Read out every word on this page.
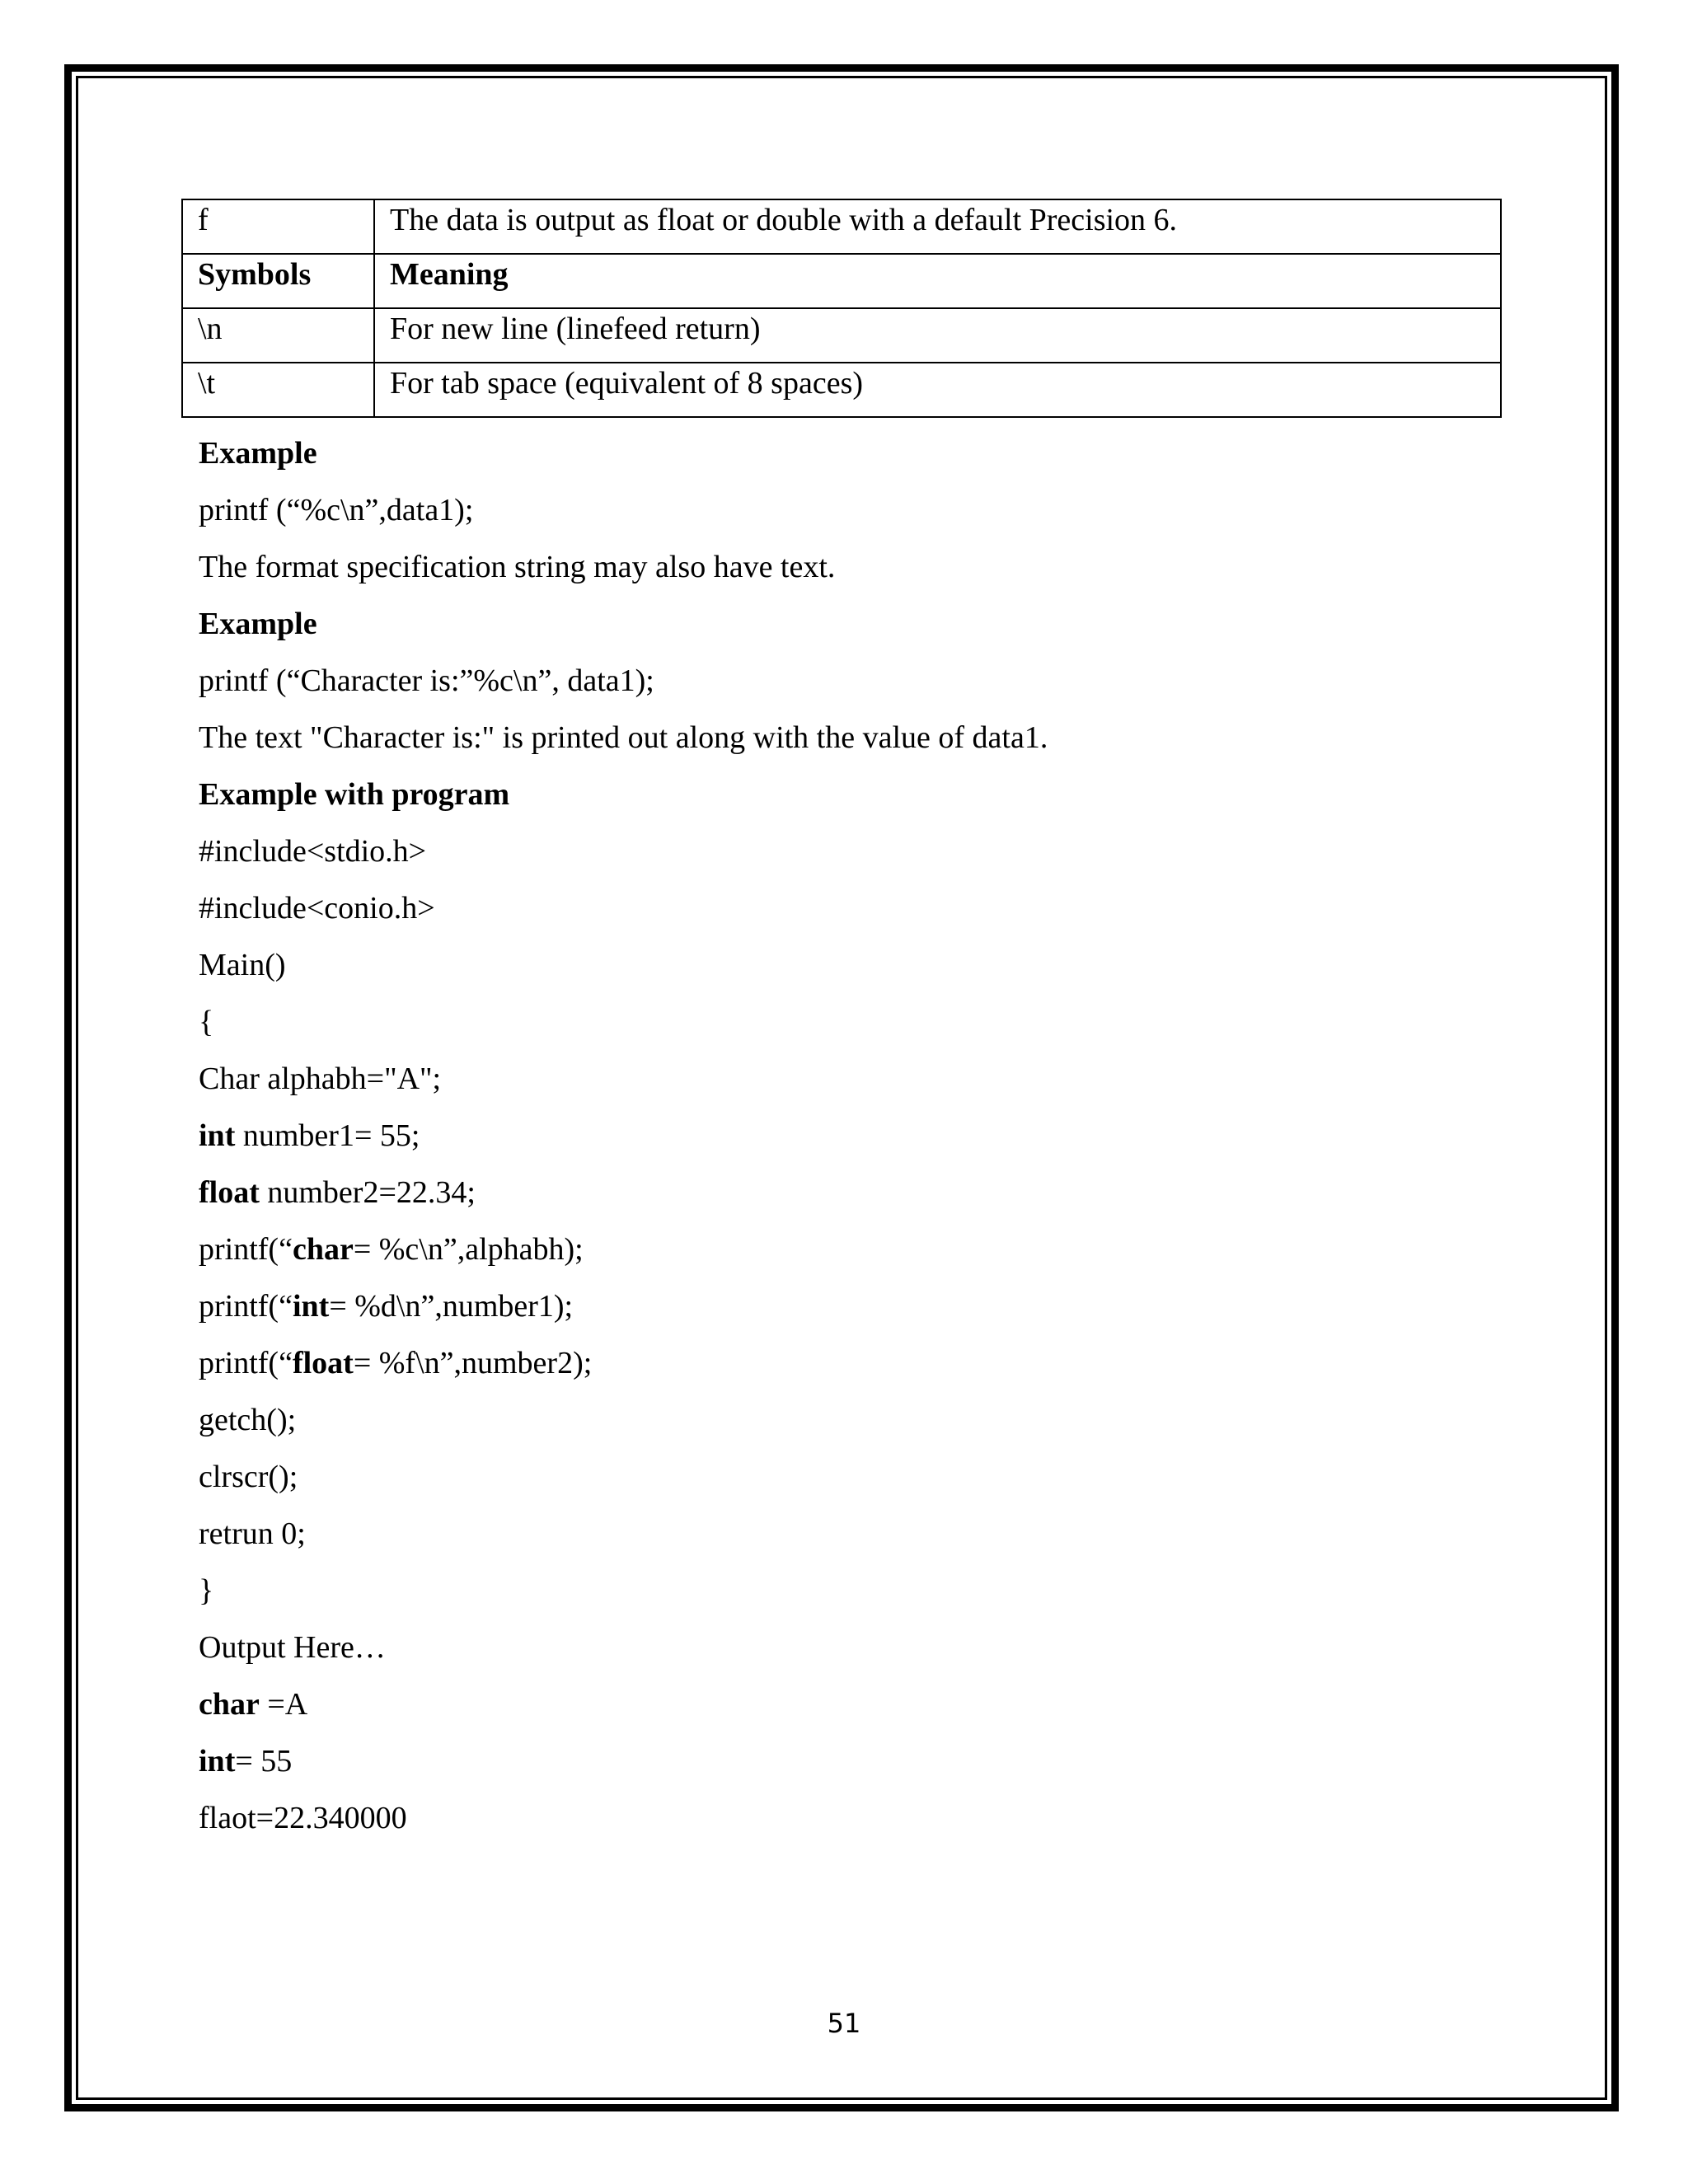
f	The data is output as float or double with a default Precision 6.
Symbols	Meaning
\n	For new line (linefeed return)
\t	For tab space (equivalent of 8 spaces)
Example
printf (“%c\n”,data1);
The format specification string may also have text.
Example
printf (“Character is:”%c\n”, data1);
The text "Character is:" is printed out along with the value of data1.
Example with program
#include<stdio.h>
#include<conio.h>
Main()
{
Char alphabh="A";
int number1= 55;
float number2=22.34;
printf(“char= %c\n”,alphabh);
printf(“int= %d\n”,number1);
printf(“float= %f\n”,number2);
getch();
clrscr();
retrun 0;
}
Output Here…
char =A
int= 55
flaot=22.340000
51
